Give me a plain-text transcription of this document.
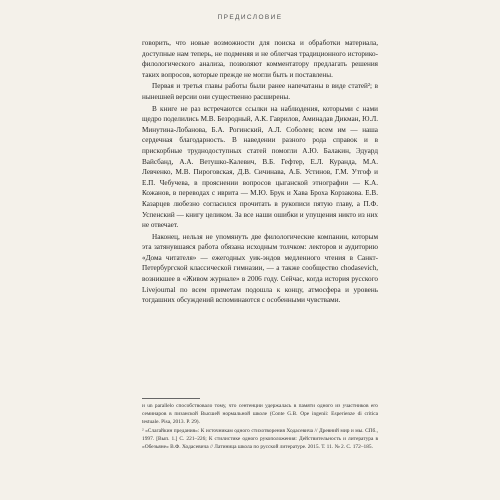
ПРЕДИСЛОВИЕ

говорить, что новые возможности для поиска и обработки материала, доступные нам теперь, не подменяя и не облегчая традиционного историко-филологического анализа, позволяют комментатору предлагать решения таких вопросов, которые прежде не могли быть и поставлены.

Первая и третья главы работы были ранее напечатаны в виде статей²; в нынешней версии они существенно расширены.

В книге не раз встречаются ссылки на наблюдения, которыми с нами щедро поделились М.В. Безродный, А.К. Гаврилов, Аминадав Дикман, Ю.Л. Минутина-Лобанова, Б.А. Рогинский, А.Л. Соболев; всем им — наша сердечная благодарность. В наведении разного рода справок и в прискорбные труднодоступных статей помогли А.Ю. Балакин, Эдуард Вайсбанд, А.А. Ветушко-Калевич, В.Б. Гефтер, Е.Л. Куранда, М.А. Левченко, М.В. Пироговская, Д.В. Сичинава, А.Б. Устинов, Г.М. Утгоф и Е.П. Чебучева, в прояснении вопросов цыганской этнографии — К.А. Кожанов, в переводах с иврита — М.Ю. Брук и Хава Броха Корзакова. Е.В. Казарцев любезно согласился прочитать в рукописи пятую главу, а П.Ф. Успенский — книгу целиком. За все наши ошибки и упущения никто из них не отвечает.

Наконец, нельзя не упомянуть две филологические компании, которым эта затянувшаяся работа обязана исходным толчком: лекторов и аудиторию «Дома читателя» — ежегодных уик-эндов медленного чтения в Санкт-Петербургской классической гимназии, — а также сообщество chodasevich, возникшее в «Живом журнале» в 2006 году. Сейчас, когда история русского Livejournal по всем приметам подошла к концу, атмосфера и уровень тогдашних обсуждений вспоминаются с особенными чувствами.

и un parallelo способствовало тому, что сентенции удержалась в памяти одного из участников его семинаров в пизанской Высшей нормальной школе (Conte G.B. Ope ingenii: Esperienze di critica testuale. Pisa, 2013. P. 29).

² «Слагайкин предания»: К источникам одного стихотворения Ходасевича // Древний мир и мы. СПб., 1997. [Вып. 1.] С. 221–226; К стилистике одного рукоположения: Действительность и литература в «Обезьяне» В.Ф. Ходасевича // Латиница школа по русской литературе. 2015. Т. 11. № 2. С. 172–185.
